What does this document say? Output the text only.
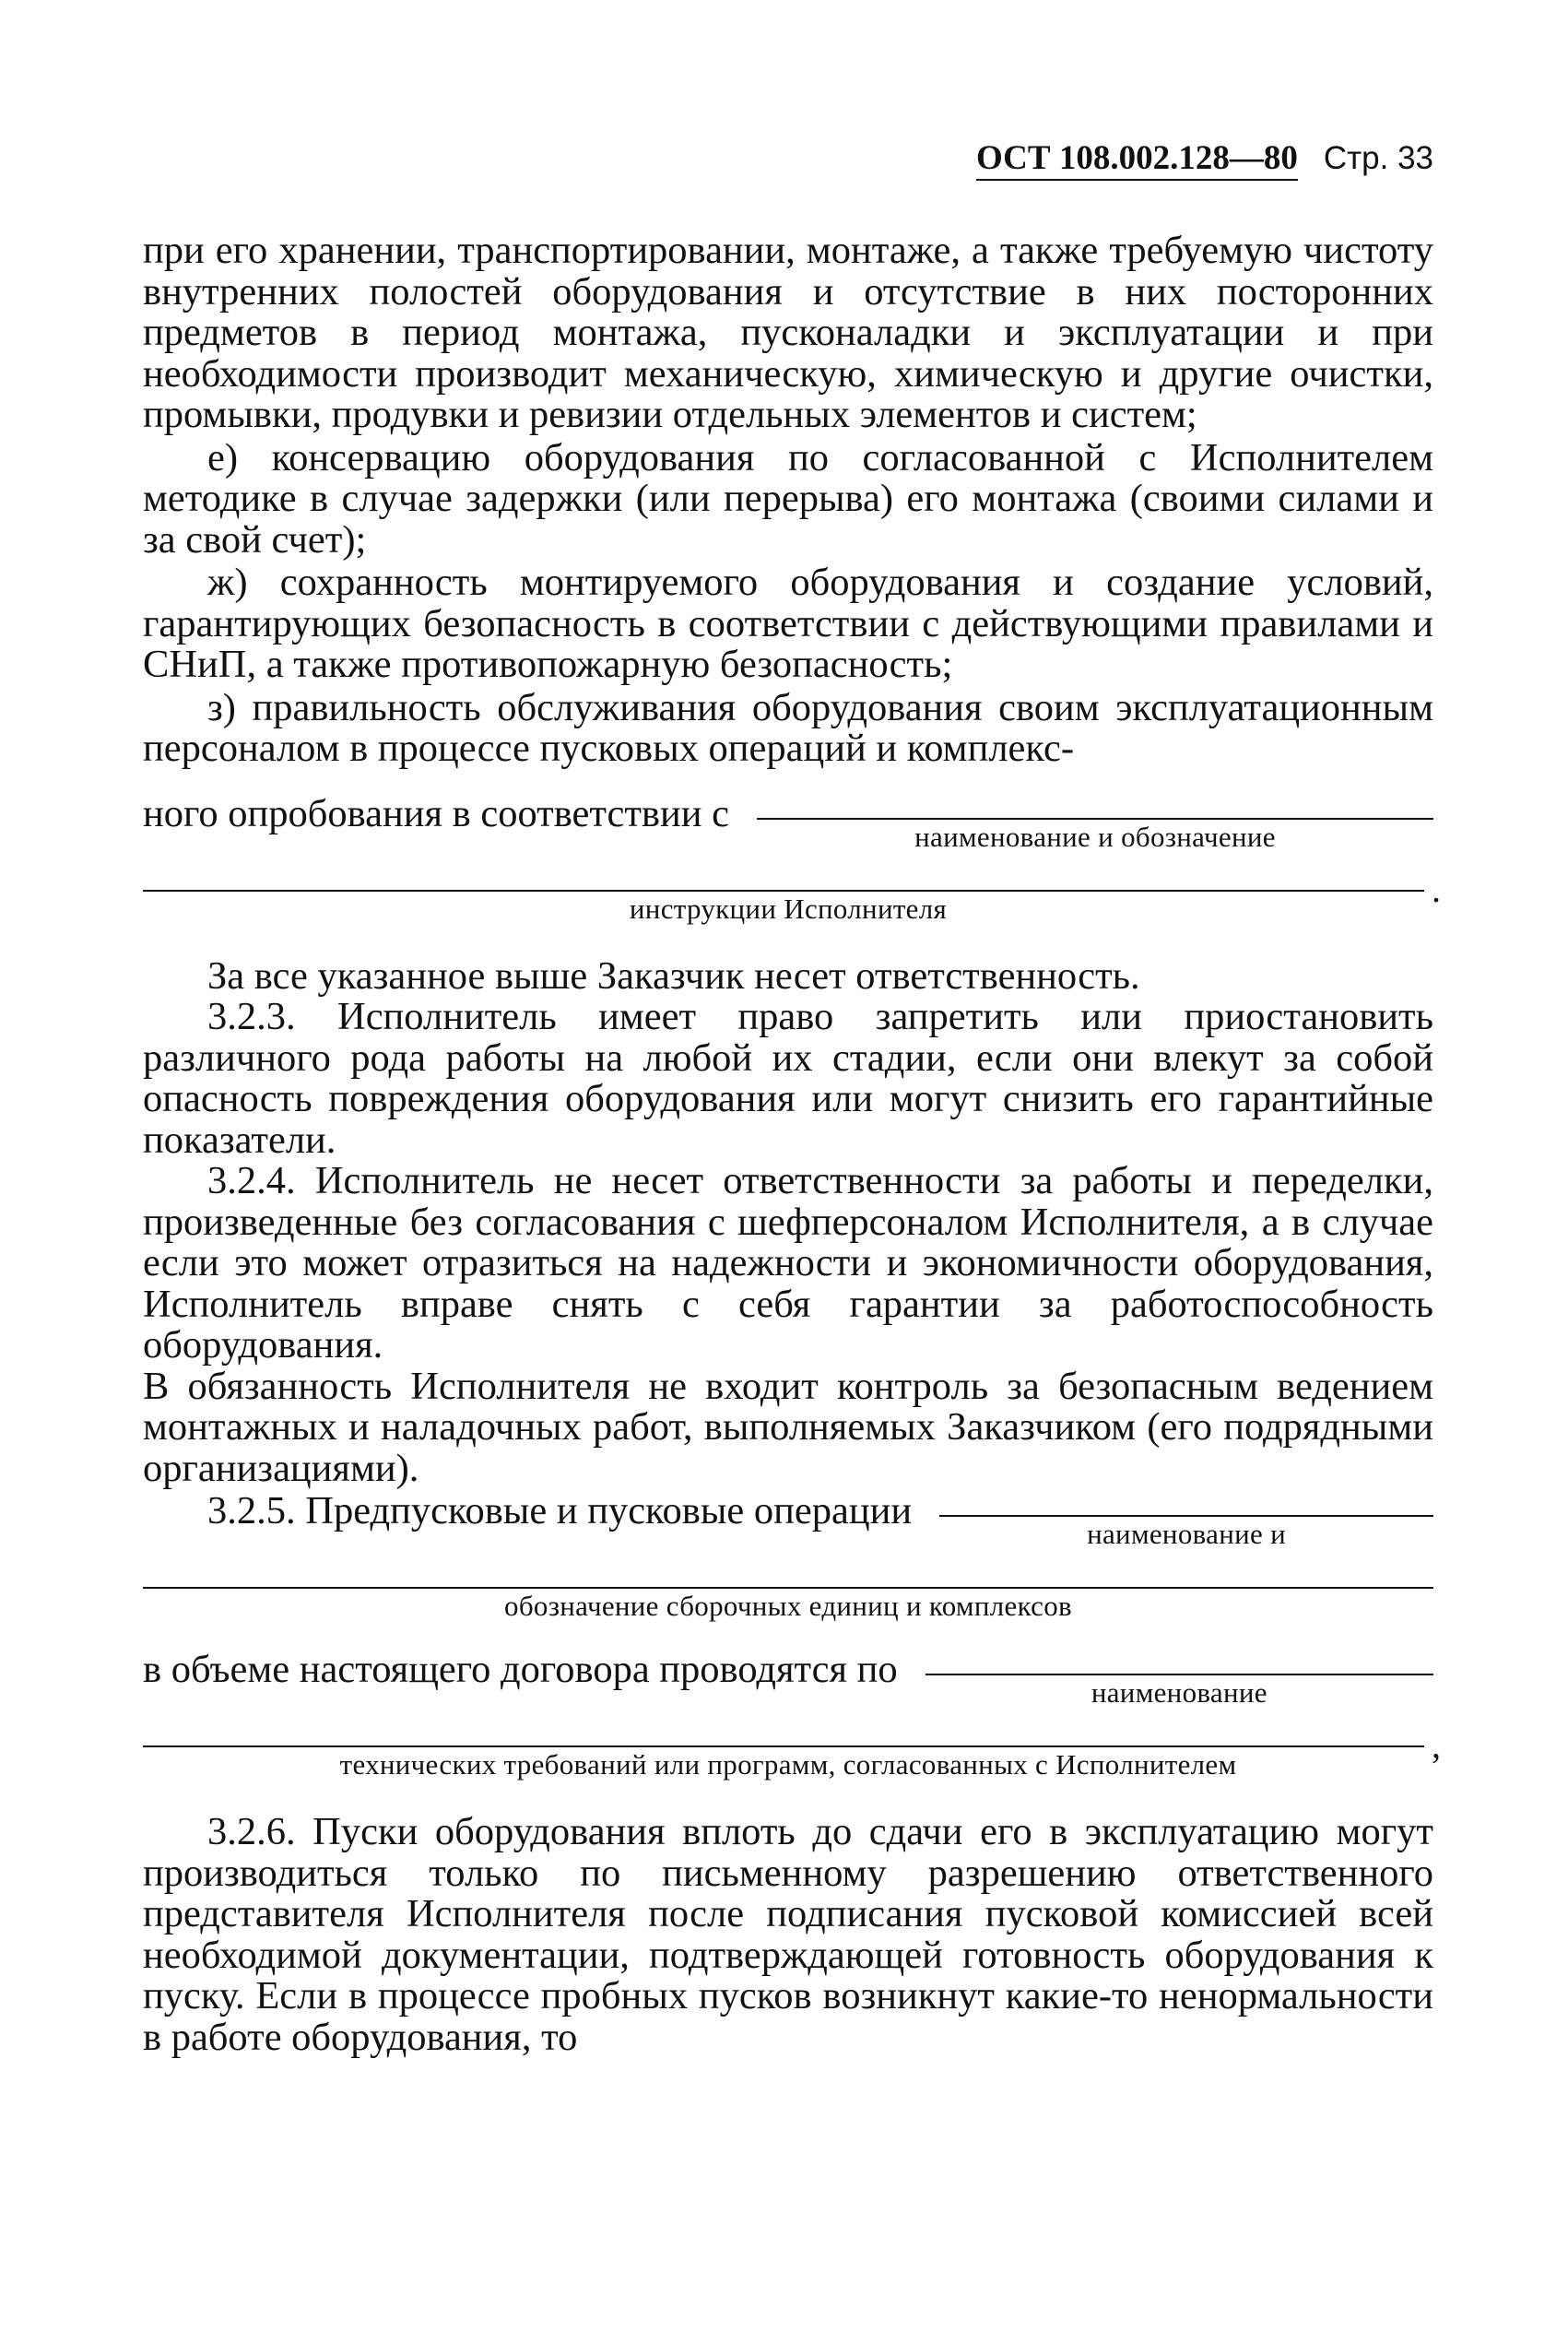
ОСТ 108.002.128—80 Стр. 33

при его хранении, транспортировании, монтаже, а также требуемую чистоту внутренних полостей оборудования и отсутствие в них посторонних предметов в период монтажа, пусконаладки и эксплуатации и при необходимости производит механическую, химическую и другие очистки, промывки, продувки и ревизии отдельных элементов и систем;

е) консервацию оборудования по согласованной с Исполнителем методике в случае задержки (или перерыва) его монтажа (своими силами и за свой счет);

ж) сохранность монтируемого оборудования и создание условий, гарантирующих безопасность в соответствии с действующими правилами и СНиП, а также противопожарную безопасность;

з) правильность обслуживания оборудования своим эксплуатационным персоналом в процессе пусковых операций и комплекс-

ного опробования в соответствии с
наименование и обозначение
.
инструкции Исполнителя

За все указанное выше Заказчик несет ответственность.

3.2.3. Исполнитель имеет право запретить или приостановить различного рода работы на любой их стадии, если они влекут за собой опасность повреждения оборудования или могут снизить его гарантийные показатели.

3.2.4. Исполнитель не несет ответственности за работы и переделки, произведенные без согласования с шефперсоналом Исполнителя, а в случае если это может отразиться на надежности и экономичности оборудования, Исполнитель вправе снять с себя гарантии за работоспособность оборудования.

В обязанность Исполнителя не входит контроль за безопасным ведением монтажных и наладочных работ, выполняемых Заказчиком (его подрядными организациями).

3.2.5. Предпусковые и пусковые операции
наименование и
обозначение сборочных единиц и комплексов
в объеме настоящего договора проводятся по
наименование
,
технических требований или программ, согласованных с Исполнителем

3.2.6. Пуски оборудования вплоть до сдачи его в эксплуатацию могут производиться только по письменному разрешению ответственного представителя Исполнителя после подписания пусковой комиссией всей необходимой документации, подтверждающей готовность оборудования к пуску. Если в процессе пробных пусков возникнут какие-то ненормальности в работе оборудования, то
